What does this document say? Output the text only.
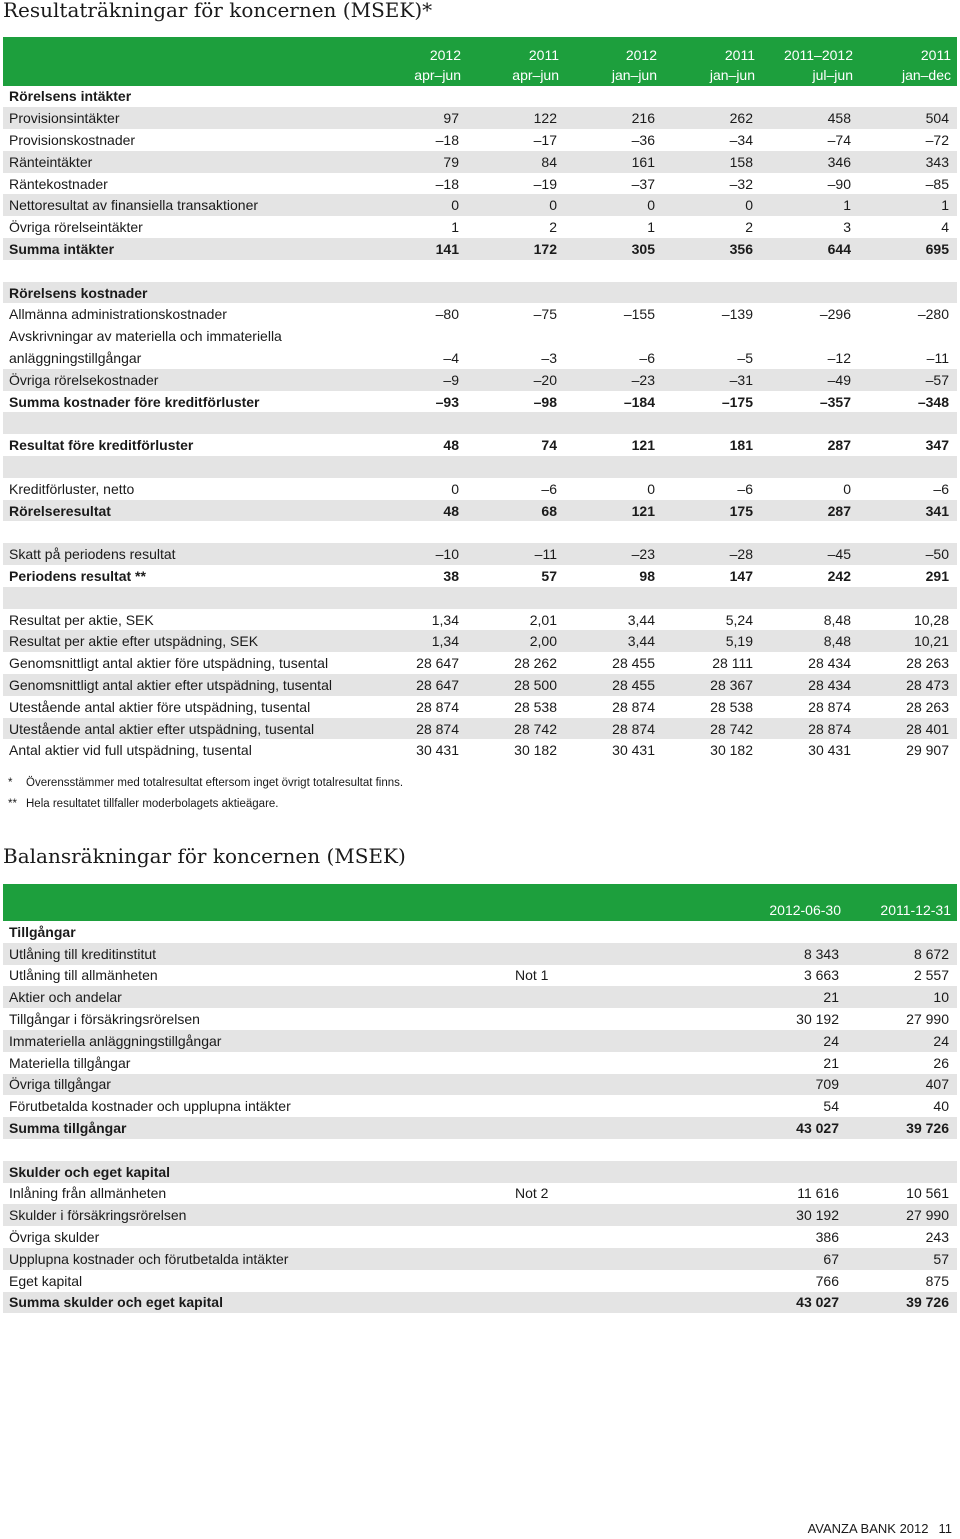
Resultaträkningar för koncernen (MSEK)*
	2012	2011	2012	2011	2011–2012	2011
	apr–jun	apr–jun	jan–jun	jan–jun	jul–jun	jan–dec
Rörelsens intäkter						
Provisionsintäkter	97	122	216	262	458	504
Provisionskostnader	–18	–17	–36	–34	–74	–72
Ränteintäkter	79	84	161	158	346	343
Räntekostnader	–18	–19	–37	–32	–90	–85
Nettoresultat av finansiella transaktioner	0	0	0	0	1	1
Övriga rörelseintäkter	1	2	1	2	3	4
Summa intäkter	141	172	305	356	644	695

Rörelsens kostnader						
Allmänna administrationskostnader	–80	–75	–155	–139	–296	–280
Avskrivningar av materiella och immateriella						
anläggningstillgångar	–4	–3	–6	–5	–12	–11
Övriga rörelsekostnader	–9	–20	–23	–31	–49	–57
Summa kostnader före kreditförluster	–93	–98	–184	–175	–357	–348

Resultat före kreditförluster	48	74	121	181	287	347

Kreditförluster, netto	0	–6	0	–6	0	–6
Rörelseresultat	48	68	121	175	287	341

Skatt på periodens resultat	–10	–11	–23	–28	–45	–50
Periodens resultat **	38	57	98	147	242	291

Resultat per aktie, SEK	1,34	2,01	3,44	5,24	8,48	10,28
Resultat per aktie efter utspädning, SEK	1,34	2,00	3,44	5,19	8,48	10,21
Genomsnittligt antal aktier före utspädning, tusental	28 647	28 262	28 455	28 111	28 434	28 263
Genomsnittligt antal aktier efter utspädning, tusental	28 647	28 500	28 455	28 367	28 434	28 473
Utestående antal aktier före utspädning, tusental	28 874	28 538	28 874	28 538	28 874	28 263
Utestående antal aktier efter utspädning, tusental	28 874	28 742	28 874	28 742	28 874	28 401
Antal aktier vid full utspädning, tusental	30 431	30 182	30 431	30 182	30 431	29 907
* Överensstämmer med totalresultat eftersom inget övrigt totalresultat finns.
** Hela resultatet tillfaller moderbolagets aktieägare.
Balansräkningar för koncernen (MSEK)

		2012-06-30	2011-12-31
Tillgångar			
Utlåning till kreditinstitut		8 343	8 672
Utlåning till allmänheten	Not 1	3 663	2 557
Aktier och andelar		21	10
Tillgångar i försäkringsrörelsen		30 192	27 990
Immateriella anläggningstillgångar		24	24
Materiella tillgångar		21	26
Övriga tillgångar		709	407
Förutbetalda kostnader och upplupna intäkter		54	40
Summa tillgångar		43 027	39 726

Skulder och eget kapital			
Inlåning från allmänheten	Not 2	11 616	10 561
Skulder i försäkringsrörelsen		30 192	27 990
Övriga skulder		386	243
Upplupna kostnader och förutbetalda intäkter		67	57
Eget kapital		766	875
Summa skulder och eget kapital		43 027	39 726
AVANZA BANK 2012 11
